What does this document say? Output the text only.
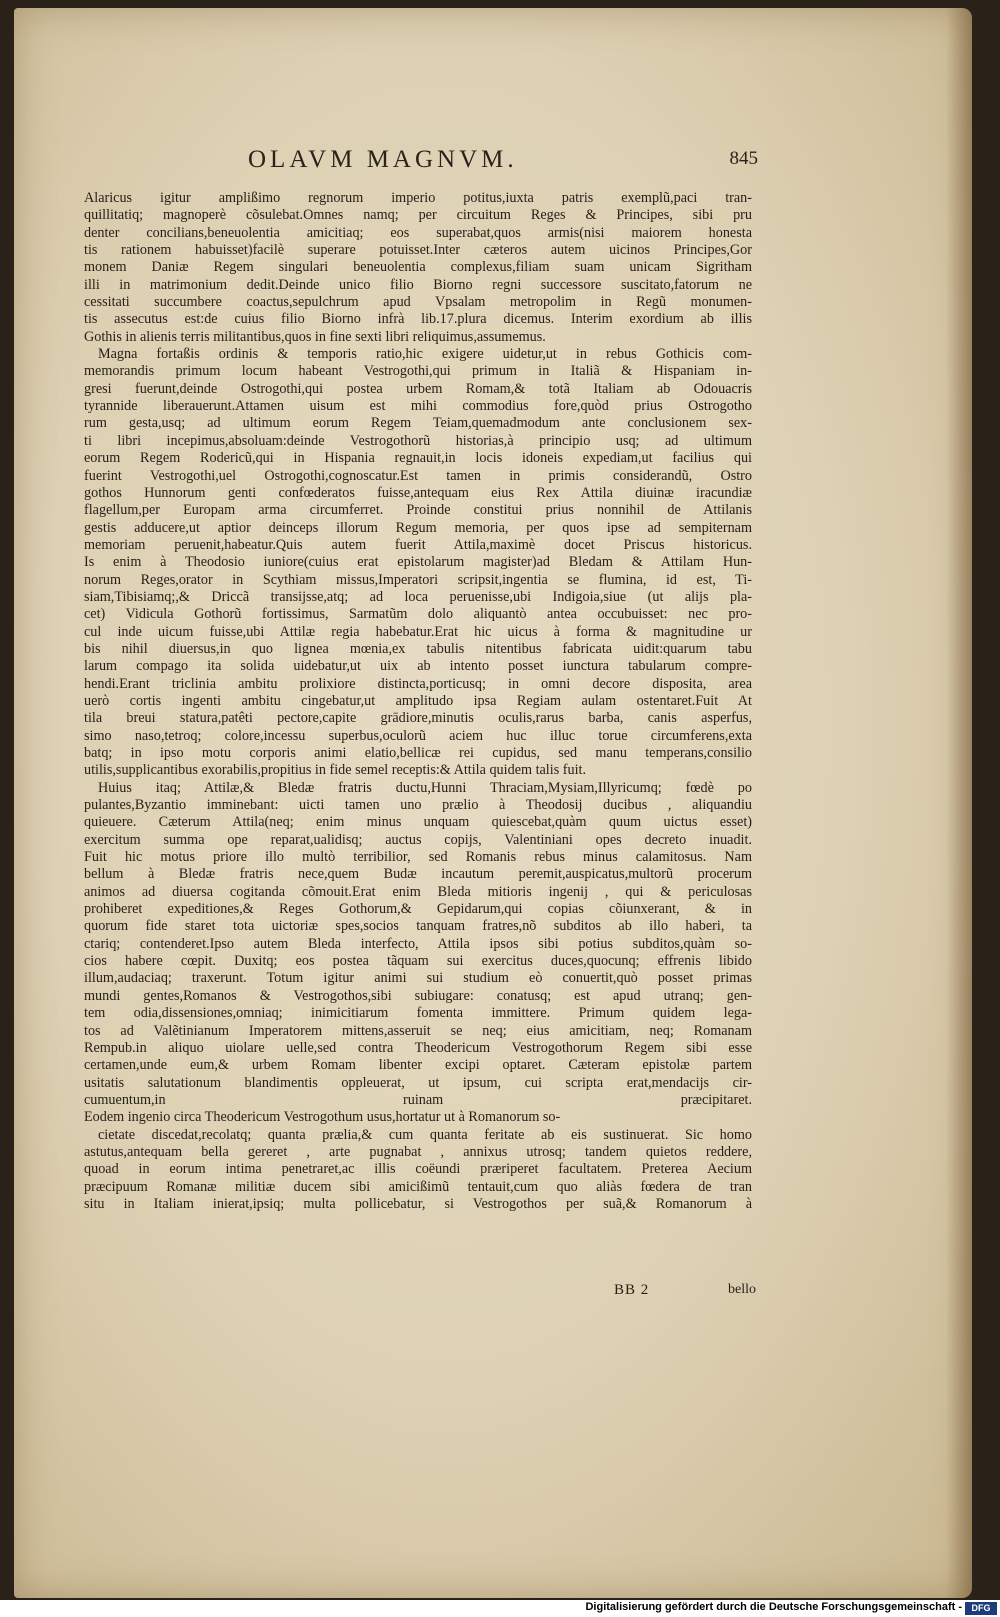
OLAVM MAGNVM.	845
Alaricus igitur amplißimo regnorum imperio potitus,iuxta patris exemplũ,paci tran-
quillitatiq; magnoperè cõsulebat.Omnes namq; per circuitum Reges & Principes, sibi pru
denter concilians,beneuolentia amicitiaq; eos superabat,quos armis(nisi maiorem honesta
tis rationem habuisset)facilè superare potuisset.Inter cæteros autem uicinos Principes,Gor
monem Daniæ Regem singulari beneuolentia complexus,filiam suam unicam Sigritham
illi in matrimonium dedit.Deinde unico filio Biorno regni successore suscitato,fatorum ne
cessitati succumbere coactus,sepulchrum apud Vpsalam metropolim in Regũ monumen-
tis assecutus est:de cuius filio Biorno infrà lib.17.plura dicemus. Interim exordium ab illis
Gothis in alienis terris militantibus,quos in fine sexti libri reliquimus,assumemus.
Magna fortaßis ordinis & temporis ratio,hic exigere uidetur,ut in rebus Gothicis com-
memorandis primum locum habeant Vestrogothi,qui primum in Italiã & Hispaniam in-
gresi fuerunt,deinde Ostrogothi,qui postea urbem Romam,& totã Italiam ab Odouacris
tyrannide liberauerunt.Attamen uisum est mihi commodius fore,quòd prius Ostrogotho
rum gesta,usq; ad ultimum eorum Regem Teiam,quemadmodum ante conclusionem sex-
ti libri incepimus,absoluam:deinde Vestrogothorũ historias,à principio usq; ad ultimum
eorum Regem Rodericũ,qui in Hispania regnauit,in locis idoneis expediam,ut facilius qui
fuerint Vestrogothi,uel Ostrogothi,cognoscatur.Est tamen in primis considerandũ, Ostro
gothos Hunnorum genti confœderatos fuisse,antequam eius Rex Attila diuinæ iracundiæ
flagellum,per Europam arma circumferret. Proinde constitui prius nonnihil de Attilanis
gestis adducere,ut aptior deinceps illorum Regum memoria, per quos ipse ad sempiternam
memoriam peruenit,habeatur.Quis autem fuerit Attila,maximè docet Priscus historicus.
Is enim à Theodosio iuniore(cuius erat epistolarum magister)ad Bledam & Attilam Hun-
norum Reges,orator in Scythiam missus,Imperatori scripsit,ingentia se flumina, id est, Ti-
siam,Tibisiamq;,& Driccã transijsse,atq; ad loca peruenisse,ubi Indigoia,siue (ut alijs pla-
cet) Vidicula Gothorũ fortissimus, Sarmatũm dolo aliquantò antea occubuisset: nec pro-
cul inde uicum fuisse,ubi Attilæ regia habebatur.Erat hic uicus à forma & magnitudine ur
bis nihil diuersus,in quo lignea mœnia,ex tabulis nitentibus fabricata uidit:quarum tabu
larum compago ita solida uidebatur,ut uix ab intento posset iunctura tabularum compre-
hendi.Erant triclinia ambitu prolixiore distincta,porticusq; in omni decore disposita, area
uerò cortis ingenti ambitu cingebatur,ut amplitudo ipsa Regiam aulam ostentaret.Fuit At
tila breui statura,patêti pectore,capite grādiore,minutis oculis,rarus barba, canis asperfus,
simo naso,tetroq; colore,incessu superbus,oculorũ aciem huc illuc torue circumferens,exta
batq; in ipso motu corporis animi elatio,bellicæ rei cupidus, sed manu temperans,consilio
utilis,supplicantibus exorabilis,propitius in fide semel receptis:& Attila quidem talis fuit.
Huius itaq; Attilæ,& Bledæ fratris ductu,Hunni Thraciam,Mysiam,Illyricumq; fœdè po
pulantes,Byzantio imminebant: uicti tamen uno prælio à Theodosij ducibus , aliquandiu
quieuere. Cæterum Attila(neq; enim minus unquam quiescebat,quàm quum uictus esset)
exercitum summa ope reparat,ualidisq; auctus copijs, Valentiniani opes decreto inuadit.
Fuit hic motus priore illo multò terribilior, sed Romanis rebus minus calamitosus. Nam
bellum à Bledæ fratris nece,quem Budæ incautum peremit,auspicatus,multorũ procerum
animos ad diuersa cogitanda cõmouit.Erat enim Bleda mitioris ingenij , qui & periculosas
prohiberet expeditiones,& Reges Gothorum,& Gepidarum,qui copias cõiunxerant, & in
quorum fide staret tota uictoriæ spes,socios tanquam fratres,nõ subditos ab illo haberi, ta
ctariq; contenderet.Ipso autem Bleda interfecto, Attila ipsos sibi potius subditos,quàm so-
cios habere cœpit. Duxitq; eos postea tãquam sui exercitus duces,quocunq; effrenis libido
illum,audaciaq; traxerunt. Totum igitur animi sui studium eò conuertit,quò posset primas
mundi gentes,Romanos & Vestrogothos,sibi subiugare: conatusq; est apud utranq; gen-
tem odia,dissensiones,omniaq; inimicitiarum fomenta immittere. Primum quidem lega-
tos ad Valẽtinianum Imperatorem mittens,asseruit se neq; eius amicitiam, neq; Romanam
Rempub.in aliquo uiolare uelle,sed contra Theodericum Vestrogothorum Regem sibi esse
certamen,unde eum,& urbem Romam libenter excipi optaret. Cæteram epistolæ partem
usitatis salutationum blandimentis oppleuerat, ut ipsum, cui scripta erat,mendacijs cir-
cumuentum,in ruinam præcipitaret.
Eodem ingenio circa Theodericum Vestrogothum usus,hortatur ut à Romanorum so-
cietate discedat,recolatq; quanta prælia,& cum quanta feritate ab eis sustinuerat. Sic homo
astutus,antequam bella gereret , arte pugnabat , annixus utrosq; tandem quietos reddere,
quoad in eorum intima penetraret,ac illis coëundi præriperet facultatem. Preterea Aecium
præcipuum Romanæ militiæ ducem sibi amicißimũ tentauit,cum quo aliàs fœdera de tran
situ in Italiam inierat,ipsiq; multa pollicebatur, si Vestrogothos per suã,& Romanorum à
BB 2	bello
Digitalisierung gefördert durch die Deutsche Forschungsgemeinschaft -	DFG
